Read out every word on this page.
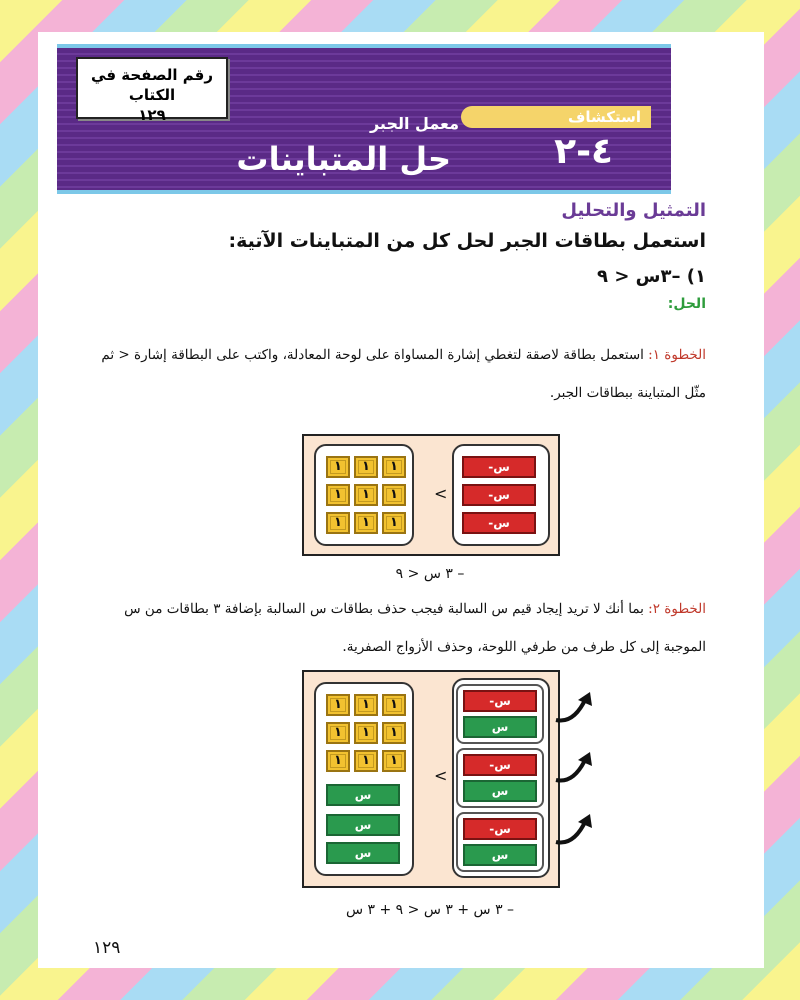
رقم الصفحة في الكتاب
١٢٩	استكشاف
٤-٢
معمل الجبر
حل المتباينات
التمثيل والتحليل
استعمل بطاقات الجبر لحل كل من المتباينات الآتية:
١) –٣س < ٩
الحل:
الخطوة ١: استعمل بطاقة لاصقة لتغطي إشارة المساواة على لوحة المعادلة، واكتب على البطاقة إشارة < ثم مثّل المتباينة ببطاقات الجبر.
١	١	١
١	١	١
١	١	١
<
-س
-س
-س
– ٣ س < ٩
الخطوة ٢: بما أنك لا تريد إيجاد قيم س السالبة فيجب حذف بطاقات س السالبة بإضافة ٣ بطاقات من س الموجبة إلى كل طرف من طرفي اللوحة، وحذف الأزواج الصفرية.
١	١	١
١	١	١
١	١	١
س
س
س
<
-س
س
-س
س
-س
س
– ٣ س + ٣ س < ٩ + ٣ س
١٢٩
